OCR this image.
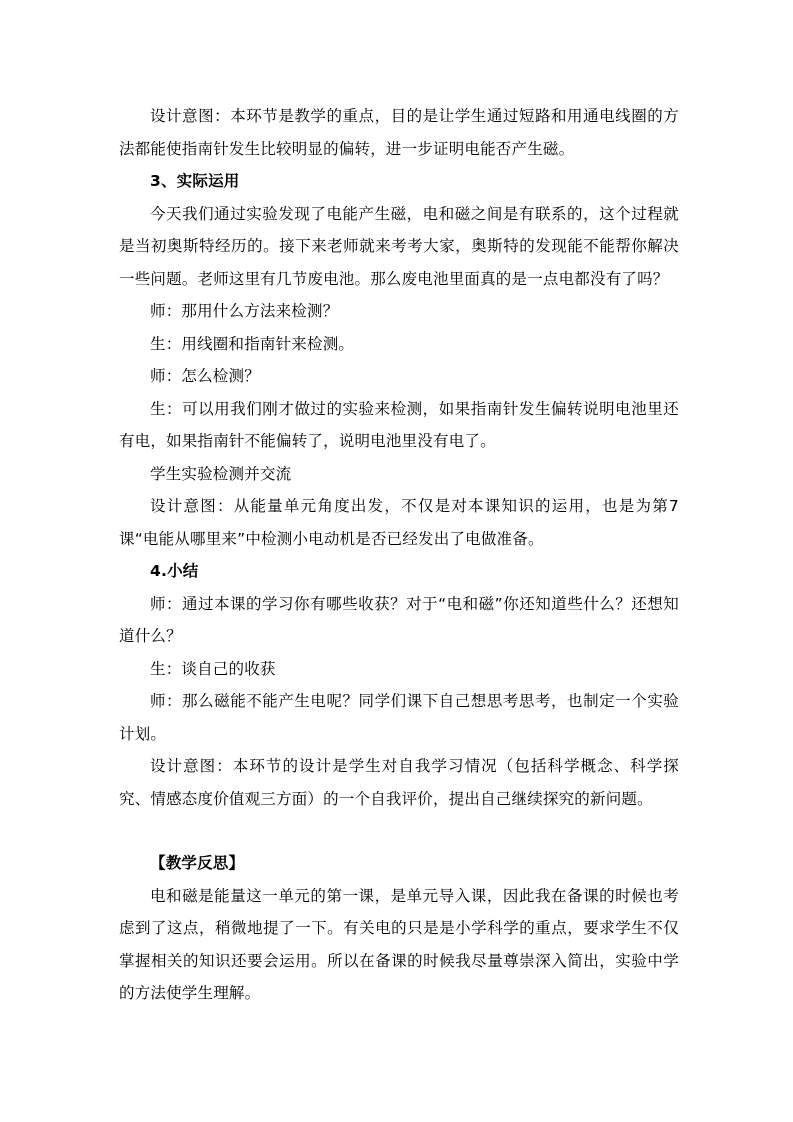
设计意图：本环节是教学的重点，目的是让学生通过短路和用通电线圈的方法都能使指南针发生比较明显的偏转，进一步证明电能否产生磁。

3、实际运用

今天我们通过实验发现了电能产生磁，电和磁之间是有联系的，这个过程就是当初奥斯特经历的。接下来老师就来考考大家，奥斯特的发现能不能帮你解决一些问题。老师这里有几节废电池。那么废电池里面真的是一点电都没有了吗？

师：那用什么方法来检测？

生：用线圈和指南针来检测。

师：怎么检测？

生：可以用我们刚才做过的实验来检测，如果指南针发生偏转说明电池里还有电，如果指南针不能偏转了，说明电池里没有电了。

学生实验检测并交流

设计意图：从能量单元角度出发，不仅是对本课知识的运用，也是为第7课“电能从哪里来”中检测小电动机是否已经发出了电做准备。

4.小结

师：通过本课的学习你有哪些收获？对于“电和磁”你还知道些什么？还想知道什么？

生：谈自己的收获

师：那么磁能不能产生电呢？同学们课下自己想思考思考，也制定一个实验计划。

设计意图：本环节的设计是学生对自我学习情况（包括科学概念、科学探究、情感态度价值观三方面）的一个自我评价，提出自己继续探究的新问题。

【教学反思】

电和磁是能量这一单元的第一课，是单元导入课，因此我在备课的时候也考虑到了这点，稍微地提了一下。有关电的只是是小学科学的重点，要求学生不仅掌握相关的知识还要会运用。所以在备课的时候我尽量尊崇深入简出，实验中学的方法使学生理解。
